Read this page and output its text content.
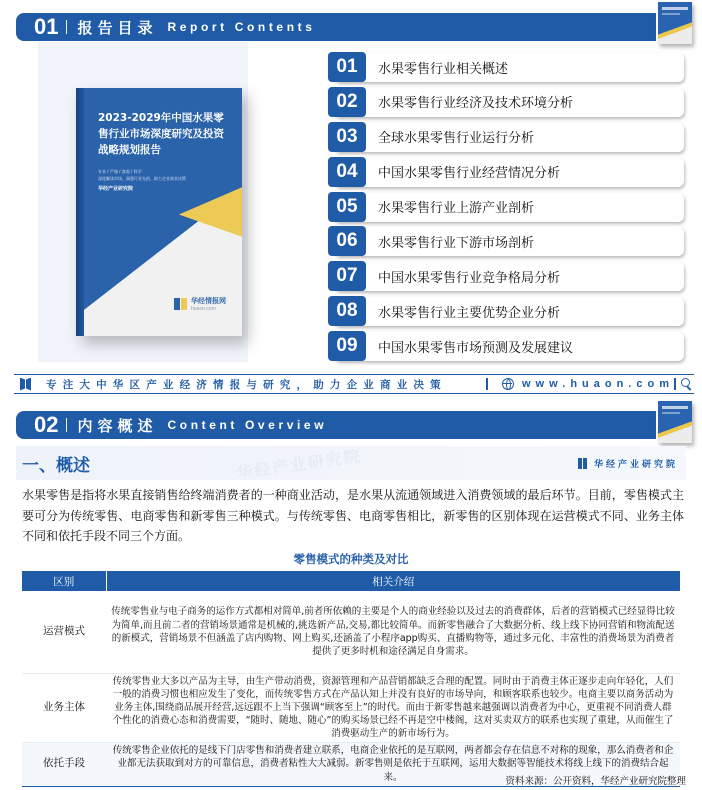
01 报告目录 Report Contents
2023-2029年中国水果零售行业市场深度研究及投资战略规划报告
专业 / 严谨 / 客观 / 科学
深度解读市场、洞悉行业先机、助力企业商业决策
华经产业研究院
华经情报网
huaon.com
01	水果零售行业相关概述
02	水果零售行业经济及技术环境分析
03	全球水果零售行业运行分析
04	中国水果零售行业经营情况分析
05	水果零售行业上游产业剖析
06	水果零售行业下游市场剖析
07	中国水果零售行业竞争格局分析
08	水果零售行业主要优势企业分析
09	中国水果零售市场预测及发展建议
专注大中华区产业经济情报与研究，助力企业商业决策	www.huaon.com
02 内容概述 Content Overview
一、概述	华经产业研究院	华经产业研究院
水果零售是指将水果直接销售给终端消费者的一种商业活动，是水果从流通领域进入消费领域的最后环节。目前，零售模式主要可分为传统零售、电商零售和新零售三种模式。与传统零售、电商零售相比，新零售的区别体现在运营模式不同、业务主体不同和依托手段不同三个方面。
零售模式的种类及对比
区别	相关介绍
运营模式	传统零售业与电子商务的运作方式都相对简单,前者所依赖的主要是个人的商业经验以及过去的消费群体，后者的营销模式已经显得比较为简单,而且前二者的营销场景通常是机械的,挑选新产品,交易,都比较简单。而新零售融合了大数据分析、线上线下协同营销和物流配送的新模式，营销场景不但涵盖了店内购物、网上购买,还涵盖了小程序app购买、直播购物等，通过多元化、丰富性的消费场景为消费者提供了更多时机和途径满足自身需求。
业务主体	传统零售业大多以产品为主导，由生产带动消费，资源管理和产品营销都缺乏合理的配置。同时由于消费主体正逐步走向年轻化，人们一般的消费习惯也相应发生了变化，而传统零售方式在产品认知上并没有良好的市场导向，和顾客联系也较少。电商主要以商务活动为业务主体,围绕商品展开经营,远远跟不上当下强调“顾客至上”的时代。而由于新零售越来越强调以消费者为中心，更重视不同消费人群个性化的消费心态和消费需要，“随时、随地、随心”的购买场景已经不再是空中楼阁，这对买卖双方的联系也实现了重建，从而催生了消费驱动生产的新市场行为。
依托手段	传统零售企业依托的是线下门店零售和消费者建立联系，电商企业依托的是互联网，两者都会存在信息不对称的现象，那么消费者和企业都无法获取到对方的可靠信息，消费者粘性大大减弱。新零售则是依托于互联网，运用大数据等智能技术将线上线下的消费结合起来。	资料来源：公开资料，华经产业研究院整理
